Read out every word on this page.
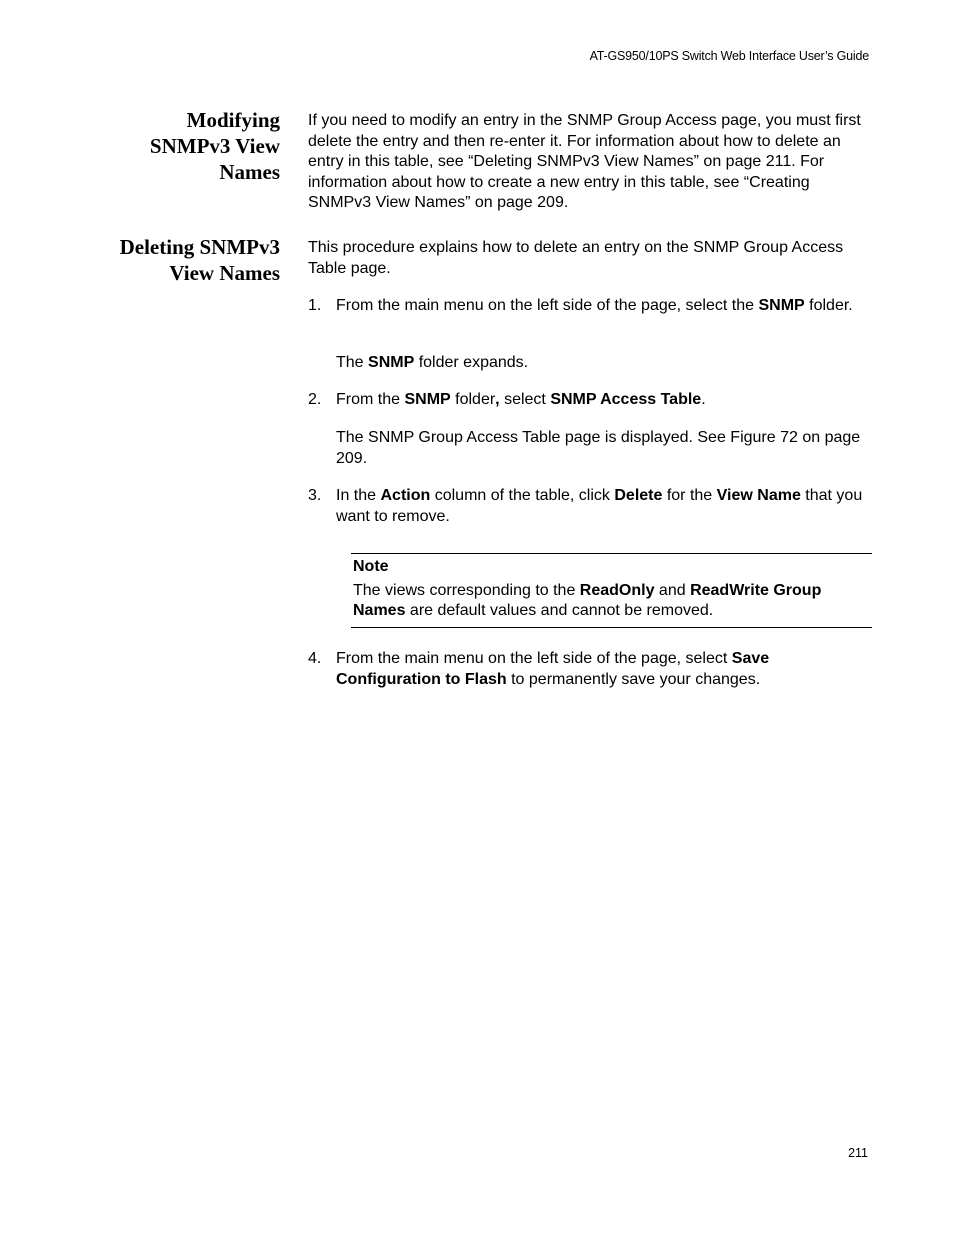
AT-GS950/10PS Switch Web Interface User’s Guide
Modifying
SNMPv3 View
Names
If you need to modify an entry in the SNMP Group Access page, you must first delete the entry and then re-enter it. For information about how to delete an entry in this table, see “Deleting SNMPv3 View Names” on page 211. For information about how to create a new entry in this table, see “Creating SNMPv3 View Names” on page 209.
Deleting SNMPv3
View Names
This procedure explains how to delete an entry on the SNMP Group Access Table page.
1. From the main menu on the left side of the page, select the SNMP folder.

The SNMP folder expands.
2. From the SNMP folder, select SNMP Access Table.

The SNMP Group Access Table page is displayed. See Figure 72 on page 209.
3. In the Action column of the table, click Delete for the View Name that you want to remove.

Note

The views corresponding to the ReadOnly and ReadWrite Group Names are default values and cannot be removed.

4. From the main menu on the left side of the page, select Save Configuration to Flash to permanently save your changes.

211
